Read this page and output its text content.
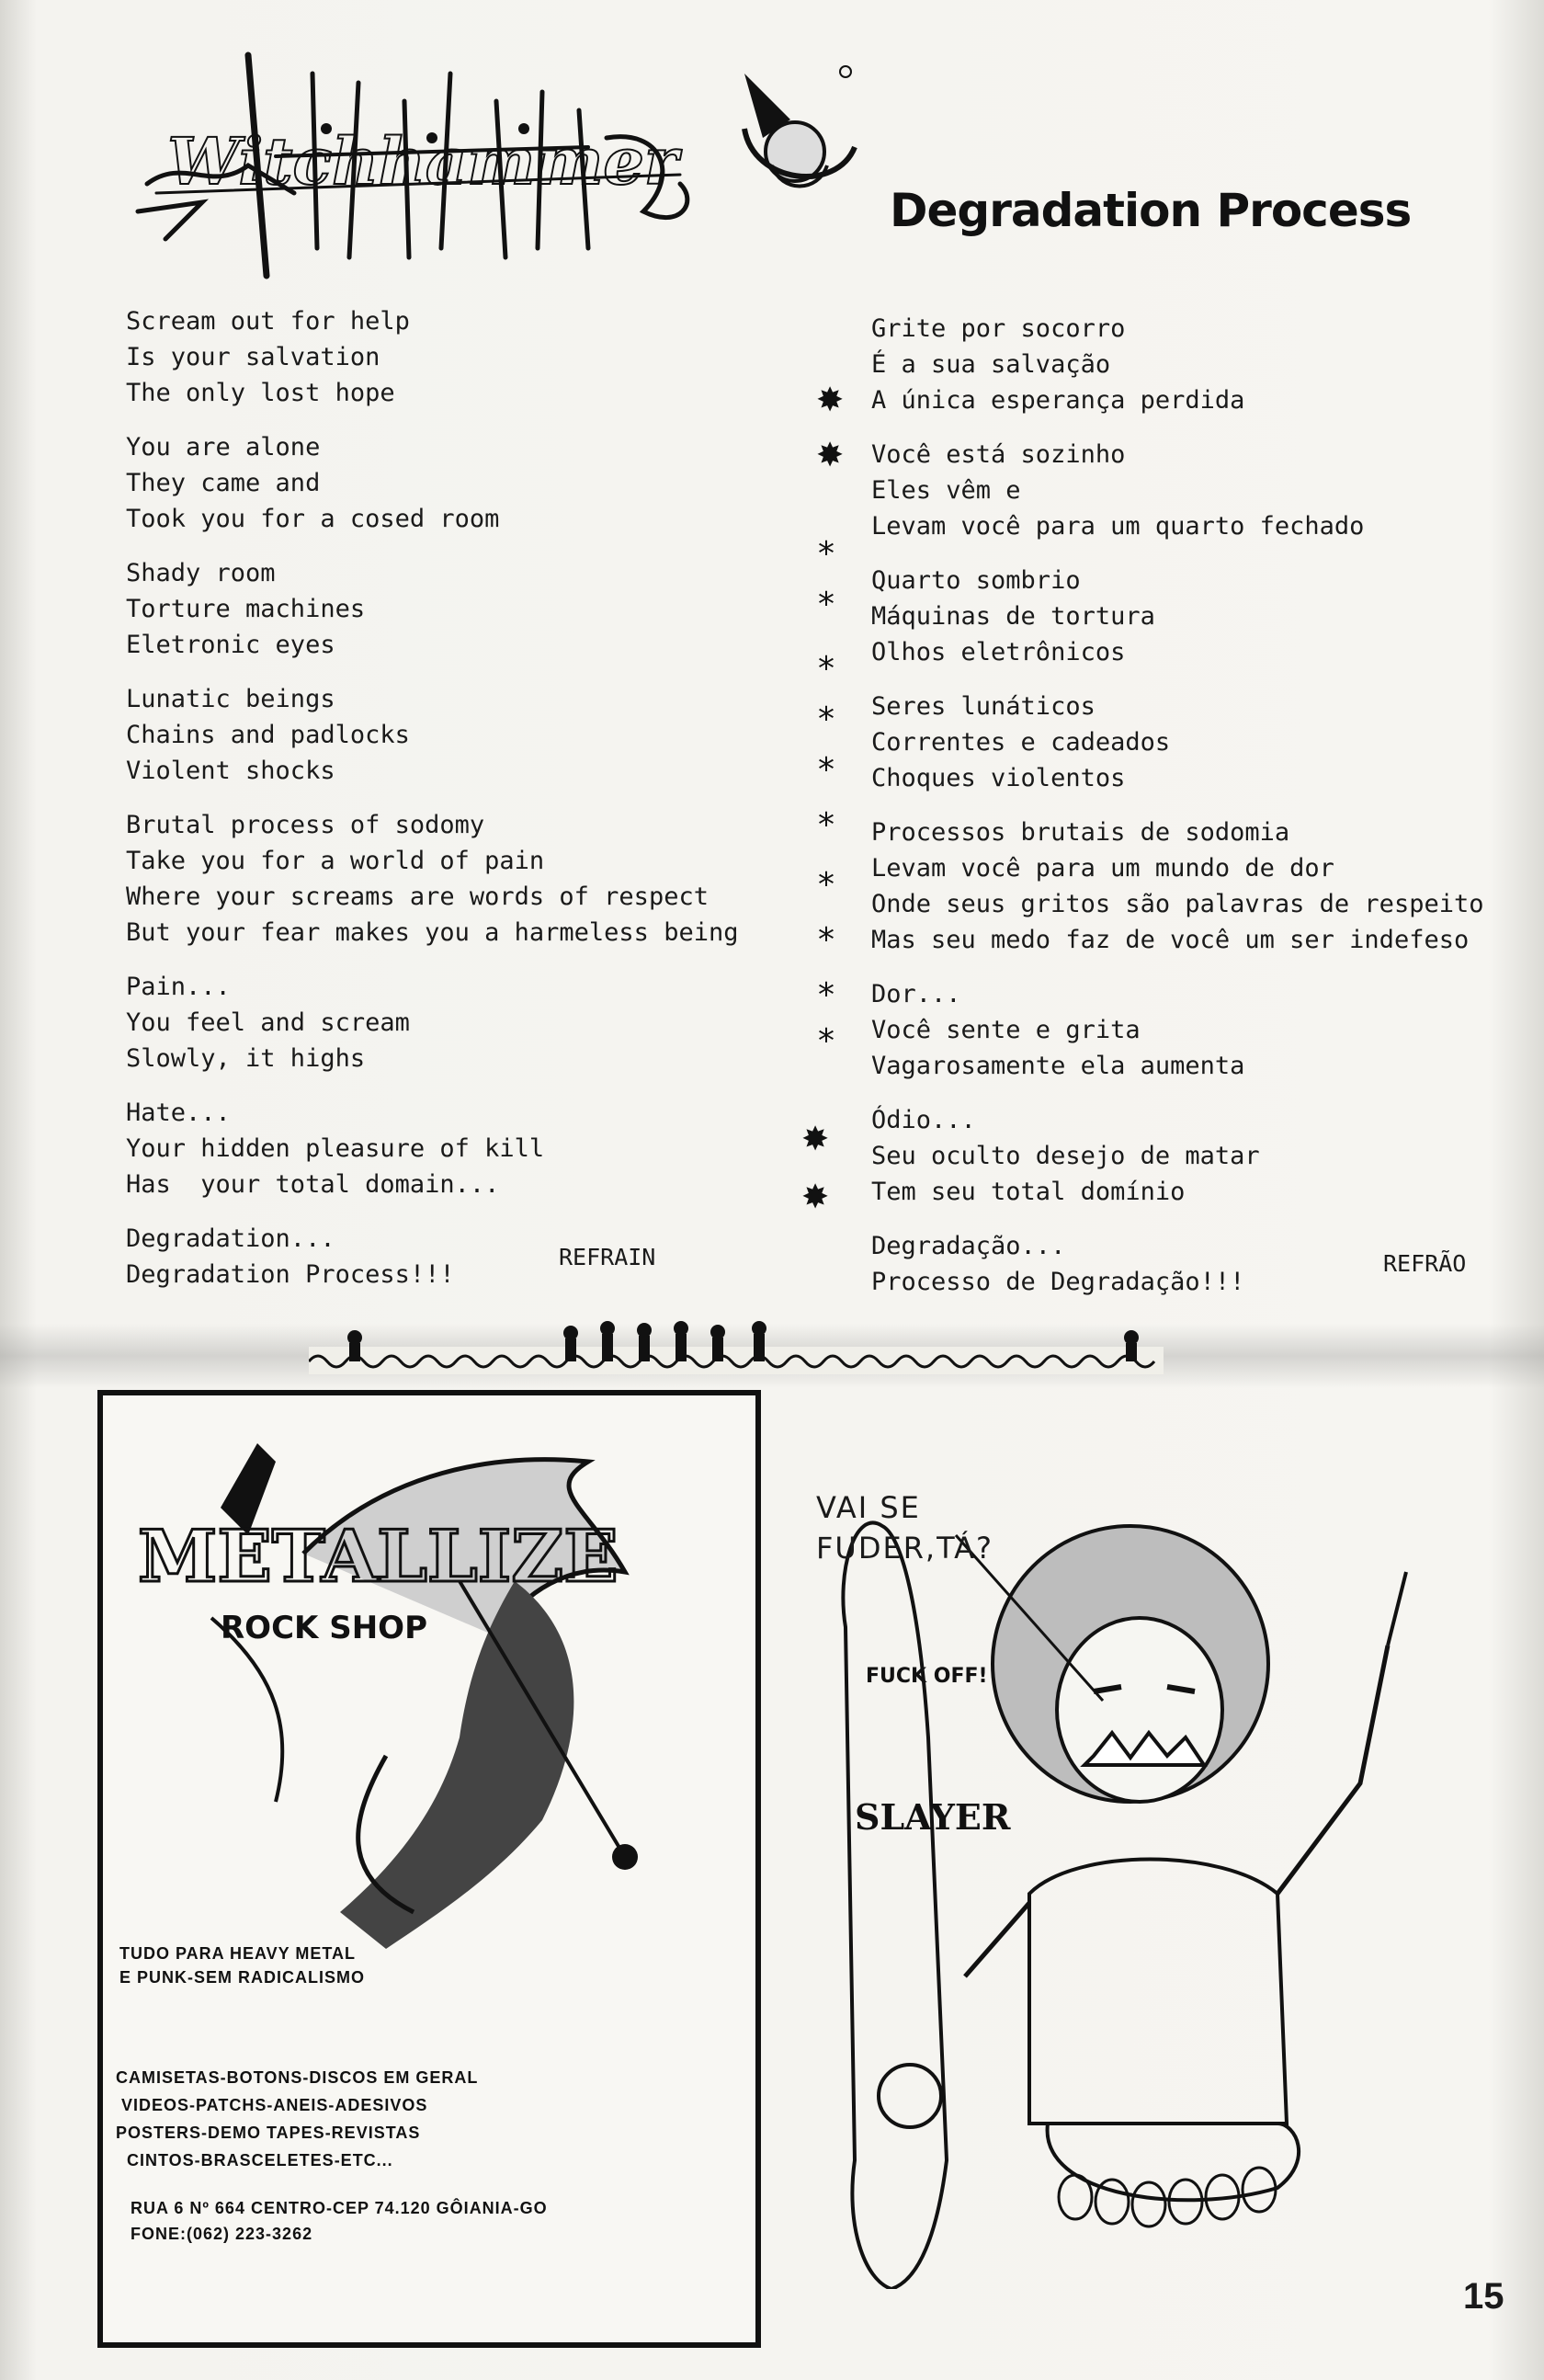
Witchhammer
Degradation Process
Scream out for help
Is your salvation
The only lost hope
You are alone
They came and
Took you for a cosed room
Shady room
Torture machines
Eletronic eyes
Lunatic beings
Chains and padlocks
Violent shocks
Brutal process of sodomy
Take you for a world of pain
Where your screams are words of respect
But your fear makes you a harmeless being
Pain...
You feel and scream
Slowly, it highs
Hate...
Your hidden pleasure of kill
Has  your total domain...
Degradation...
Degradation Process!!!
REFRAIN
Grite por socorro
É a sua salvação
A única esperança perdida
Você está sozinho
Eles vêm e
Levam você para um quarto fechado
Quarto sombrio
Máquinas de tortura
Olhos eletrônicos
Seres lunáticos
Correntes e cadeados
Choques violentos
Processos brutais de sodomia
Levam você para um mundo de dor
Onde seus gritos são palavras de respeito
Mas seu medo faz de você um ser indefeso
Dor...
Você sente e grita
Vagarosamente ela aumenta
Ódio...
Seu oculto desejo de matar
Tem seu total domínio
Degradação...
Processo de Degradação!!!
REFRÃO
✸
✸
*
*
*
*
*
*
*
*
*
*
✸
✸
METALLIZE
ROCK SHOP
TUDO PARA HEAVY METAL
E PUNK-SEM RADICALISMO
CAMISETAS-BOTONS-DISCOS EM GERAL
VIDEOS-PATCHS-ANEIS-ADESIVOS
POSTERS-DEMO TAPES-REVISTAS
CINTOS-BRASCELETES-ETC...
RUA 6 Nº 664 CENTRO-CEP 74.120 GÔIANIA-GO
FONE:(062) 223-3262
FUCK OFF!
SLAYER
VAI SE
FUDER,TÁ?
15
